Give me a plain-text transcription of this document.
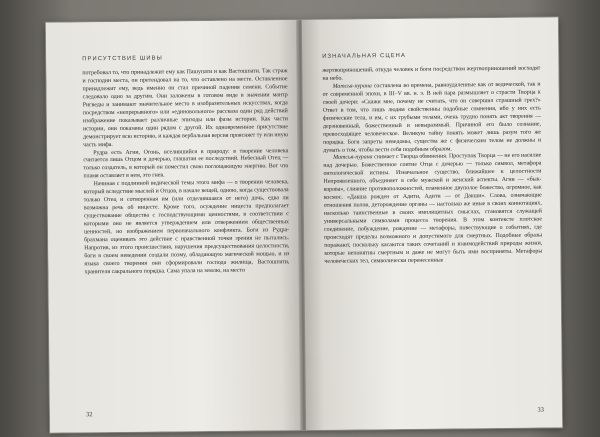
ПРИСУТСТВИЕ ШИВЫ

потребовал то, что принадлежит ему как Пашупати и как Вастошпати. Так страж и господин места, он претендовал на то, что оставлено на месте. Оставленное принадлежит ему, ведь именно он стал причиной падения семени. Событие следовало одно за другим. Они заложены в готовом виде в значении мантр Ригведы и занимают значительное место в изобразительных искусствах, когда посредством «непрерывного» или «единовольного» рассказа один ряд действий изображение показывает различные эпизоды или фазы истории. Как части истории, они показаны один рядом с другой. Их одновременное присутствие демонстрирует всю историю, и каждая вербальная версия проясняет ту или иную часть мифа.

Рудра есть Агни, Огонь, вселившийся в природу: в творение человека считается лишь Отцом и дочерью, глашатаи ее последствий. Небесный Отец — только создатель, в который он поместил свою поглощающую энергию. Вот что пламя оставляет в нем, это гнев.

Начиная с подлинной ведической темы этого мифа — о творении человека, который вследствие мыслей и Отцов, в начале вещей, одною, когда существовала только Отец и сотворенная им (или отделившаяся от него) дочь, едва ли возможна речь об инцесте. Кроме того, осуждение инцеста предполагает существование общества с господствующими ценностями, в соответствии с которыми оно не является утверждением или отвержением общественных ценностей, но изображением первоначального конфликта. Боги из Рудра-брахмана оценивать это действие с нравственной точки зрения не пытались. Напротив, из этого происшествия, нарушения предсуществования целостности, боги в своем неведении создали поэму, обладающую магической мощью, и из языка своего творения они сформировали господа жилища, Вастошпати, хранителя сакрального порядка. Сама упала на землю, на место

32
ИЗНАЧАЛЬНАЯ СЦЕНА

жертвоприношений, откуда человек и боги посредством жертвоприношений восходят на небо.

Матсья-пурана составлена во времена, равноудаленные как от ведической, так и от современной эпохи, в III–V вв. н. э. В ней пара размышляет о страсти Творца к своей дочери: «Скажи мне, почему не считать, что он совершил страшный грех?» Ответ в том, что лишь людям свойственны подобные сомнения, ибо у них есть физические тела, и им, с их грубыми телами, очень трудно понять акт творения — дерзновенный, божественный и невыразимый. Причиной его было сознание, превосходящее человеческое. Великую тайну понять может лишь разум того же порядка. Боги запреты неведомы, существа же с физическим телом не должны и думать о том, чтобы вести себя подобным образом.

Матсья-пурана снимает с Творца обвинения. Проступок Творца — не его насилие над дочерью. Божественное соитие Отца с дочерью — только символ, метафора онтологической истины. Изначальное существо, ближайшее к целостности Непроявленного, объединяет в себе мужской и женский аспекты. Агни — «бык-корова», слияние противоположностей, пламенное двуполое божество, огромное, как космос. «Дакша рожден от Адити, Адити — от Дакши». Слова, означающие отношения полов, деторождение органы — настолько же иные в своих коннотациях, насколько таинственные в своих имплицитных смыслах, становятся служащей универсальными символами процесса творения. В этом контексте плотское соединение, побуждение, рождение — метафоры, повествующие о событиях, где происходят пределы возможного и допустимого для смертных. Подобные образы поражают, поскольку касаются таких сочетаний и взаимодействий природы жизни, которые непонятны смертным и даже не могут быть ими восприняты. Метафоры человеческих тел, символически перенесенные

33
